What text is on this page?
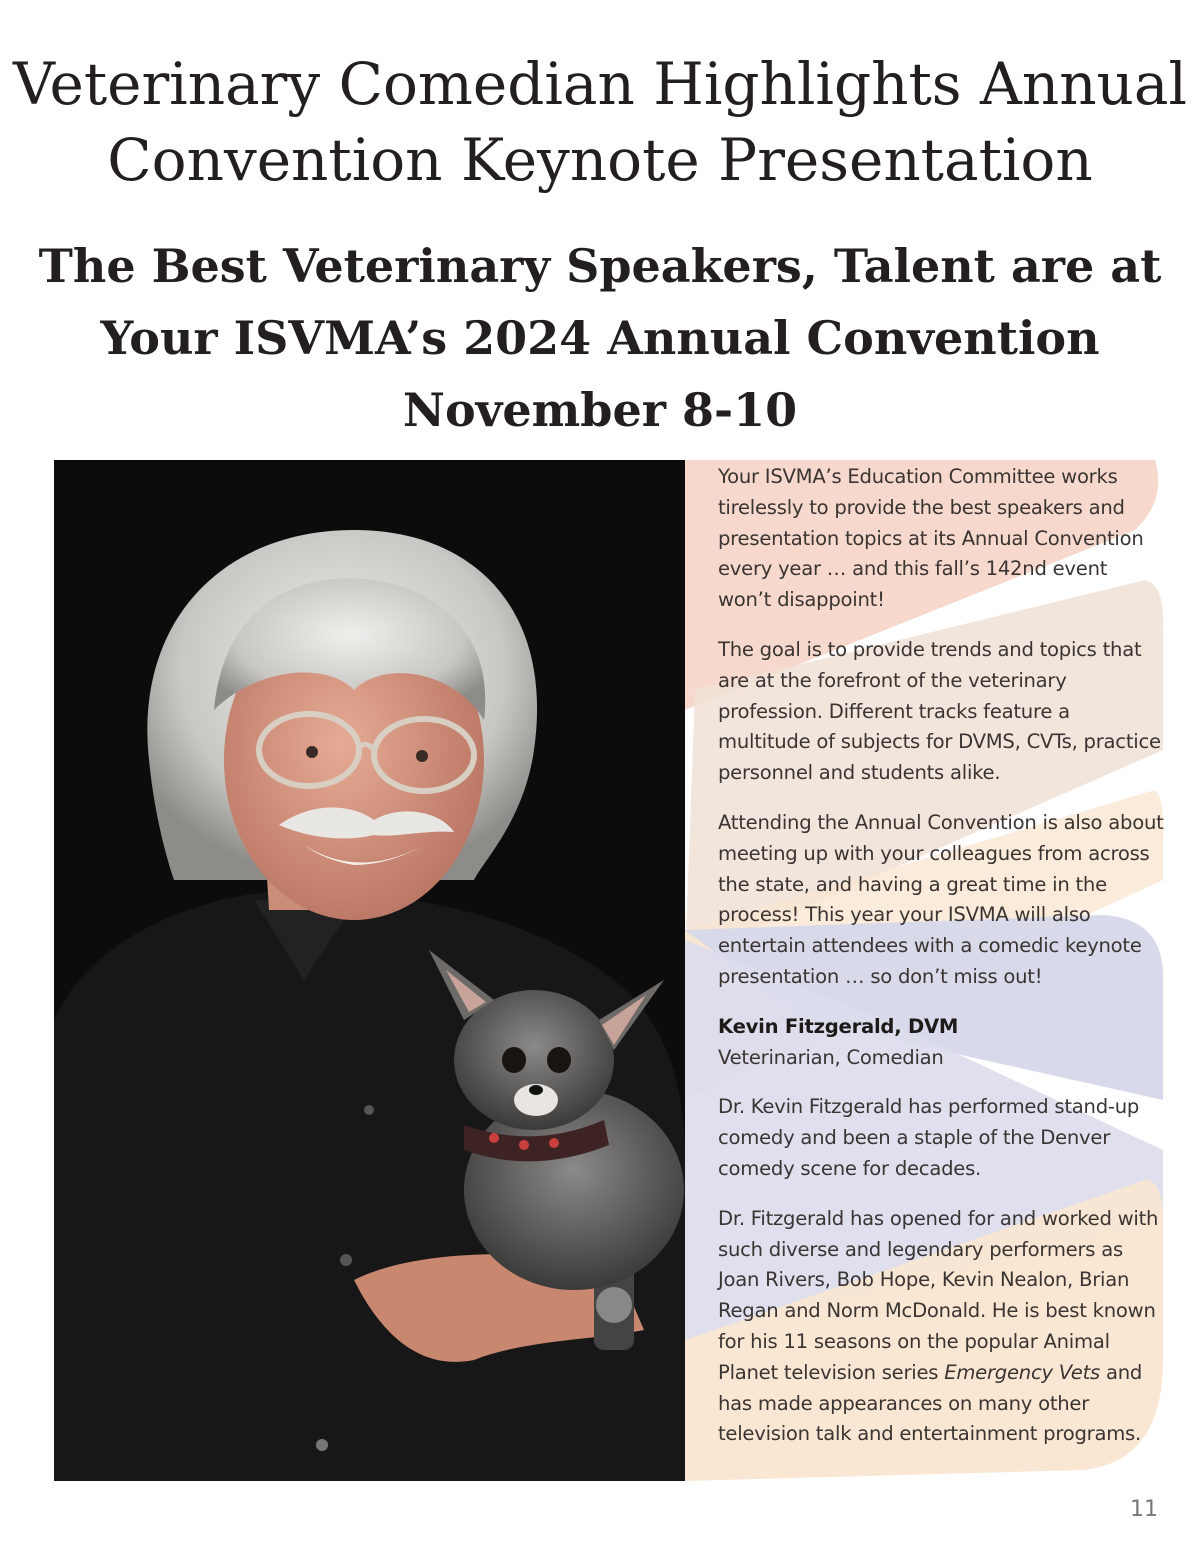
Veterinary Comedian Highlights Annual
Convention Keynote Presentation
The Best Veterinary Speakers, Talent are at
Your ISVMA’s 2024 Annual Convention
November 8-10

Your ISVMA’s Education Committee works tirelessly to provide the best speakers and presentation topics at its Annual Convention every year … and this fall’s 142nd event won’t disappoint!

The goal is to provide trends and topics that are at the forefront of the veterinary profession. Different tracks feature a multitude of subjects for DVMS, CVTs, practice personnel and students alike.

Attending the Annual Convention is also about meeting up with your colleagues from across the state, and having a great time in the process! This year your ISVMA will also entertain attendees with a comedic keynote presentation … so don’t miss out!

Kevin Fitzgerald, DVM

Veterinarian, Comedian

Dr. Kevin Fitzgerald has performed stand-up comedy and been a staple of the Denver comedy scene for decades.

Dr. Fitzgerald has opened for and worked with such diverse and legendary performers as Joan Rivers, Bob Hope, Kevin Nealon, Brian Regan and Norm McDonald. He is best known for his 11 seasons on the popular Animal Planet television series Emergency Vets and has made appearances on many other television talk and entertainment programs.

11
